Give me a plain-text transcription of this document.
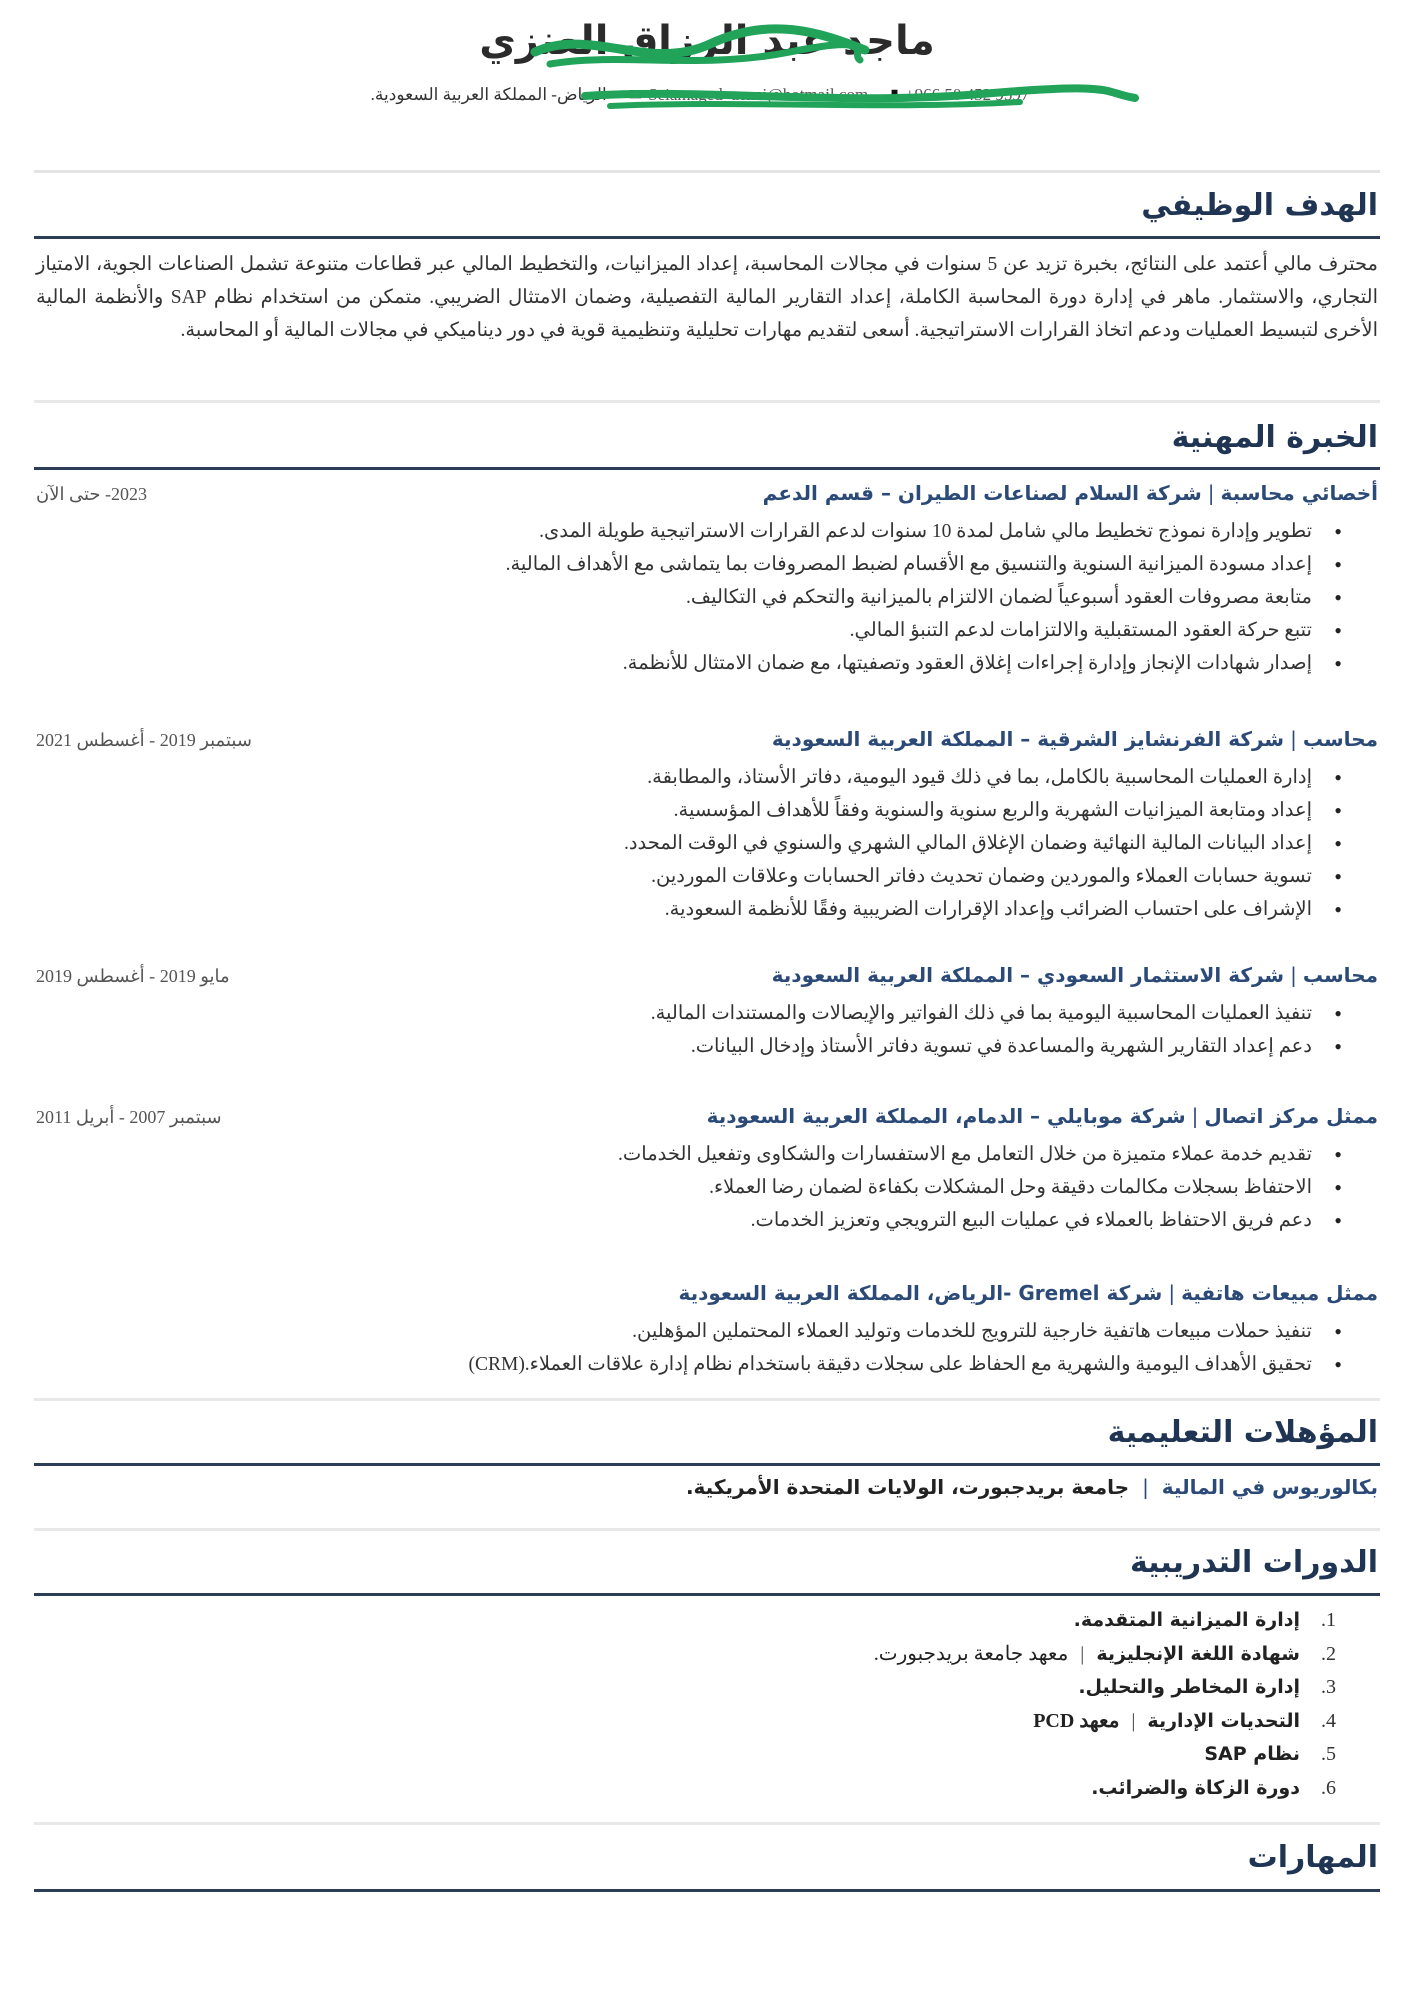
ماجد عبد الرزاق العنزي
+966 50 452 9597
▮
Seiamaged_aenzi@hotmail.com
✉
الرياض- المملكة العربية السعودية.
الهدف الوظيفي
محترف مالي أعتمد على النتائج، بخبرة تزيد عن 5 سنوات في مجالات المحاسبة، إعداد الميزانيات، والتخطيط المالي عبر قطاعات متنوعة تشمل الصناعات الجوية، الامتياز التجاري، والاستثمار. ماهر في إدارة دورة المحاسبة الكاملة، إعداد التقارير المالية التفصيلية، وضمان الامتثال الضريبي. متمكن من استخدام نظام SAP والأنظمة المالية الأخرى لتبسيط العمليات ودعم اتخاذ القرارات الاستراتيجية. أسعى لتقديم مهارات تحليلية وتنظيمية قوية في دور ديناميكي في مجالات المالية أو المحاسبة.
الخبرة المهنية
أخصائي محاسبة|شركة السلام لصناعات الطيران – قسم الدعم
2023- حتى الآن
• تطوير وإدارة نموذج تخطيط مالي شامل لمدة 10 سنوات لدعم القرارات الاستراتيجية طويلة المدى.
• إعداد مسودة الميزانية السنوية والتنسيق مع الأقسام لضبط المصروفات بما يتماشى مع الأهداف المالية.
• متابعة مصروفات العقود أسبوعياً لضمان الالتزام بالميزانية والتحكم في التكاليف.
• تتبع حركة العقود المستقبلية والالتزامات لدعم التنبؤ المالي.
• إصدار شهادات الإنجاز وإدارة إجراءات إغلاق العقود وتصفيتها، مع ضمان الامتثال للأنظمة.
محاسب|شركة الفرنشايز الشرقية – المملكة العربية السعودية
سبتمبر 2019 - أغسطس 2021
• إدارة العمليات المحاسبية بالكامل، بما في ذلك قيود اليومية، دفاتر الأستاذ، والمطابقة.
• إعداد ومتابعة الميزانيات الشهرية والربع سنوية والسنوية وفقاً للأهداف المؤسسية.
• إعداد البيانات المالية النهائية وضمان الإغلاق المالي الشهري والسنوي في الوقت المحدد.
• تسوية حسابات العملاء والموردين وضمان تحديث دفاتر الحسابات وعلاقات الموردين.
• الإشراف على احتساب الضرائب وإعداد الإقرارات الضريبية وفقًا للأنظمة السعودية.
محاسب|شركة الاستثمار السعودي – المملكة العربية السعودية
مايو 2019 - أغسطس 2019
• تنفيذ العمليات المحاسبية اليومية بما في ذلك الفواتير والإيصالات والمستندات المالية.
• دعم إعداد التقارير الشهرية والمساعدة في تسوية دفاتر الأستاذ وإدخال البيانات.
ممثل مركز اتصال|شركة موبايلي – الدمام، المملكة العربية السعودية
سبتمبر 2007 - أبريل 2011
• تقديم خدمة عملاء متميزة من خلال التعامل مع الاستفسارات والشكاوى وتفعيل الخدمات.
• الاحتفاظ بسجلات مكالمات دقيقة وحل المشكلات بكفاءة لضمان رضا العملاء.
• دعم فريق الاحتفاظ بالعملاء في عمليات البيع الترويجي وتعزيز الخدمات.
ممثل مبيعات هاتفية|شركة Gremel -الرياض، المملكة العربية السعودية
• تنفيذ حملات مبيعات هاتفية خارجية للترويج للخدمات وتوليد العملاء المحتملين المؤهلين.
• تحقيق الأهداف اليومية والشهرية مع الحفاظ على سجلات دقيقة باستخدام نظام إدارة علاقات العملاء.(CRM)
المؤهلات التعليمية
بكالوريوس في المالية | جامعة بريدجبورت، الولايات المتحدة الأمريكية.
الدورات التدريبية
1.
إدارة الميزانية المتقدمة.
2.
شهادة اللغة الإنجليزية
|
معهد جامعة بريدجبورت.
3.
إدارة المخاطر والتحليل.
4.
التحديات الإدارية
|
معهد PCD
5.
نظام SAP
6.
دورة الزكاة والضرائب.
المهارات
